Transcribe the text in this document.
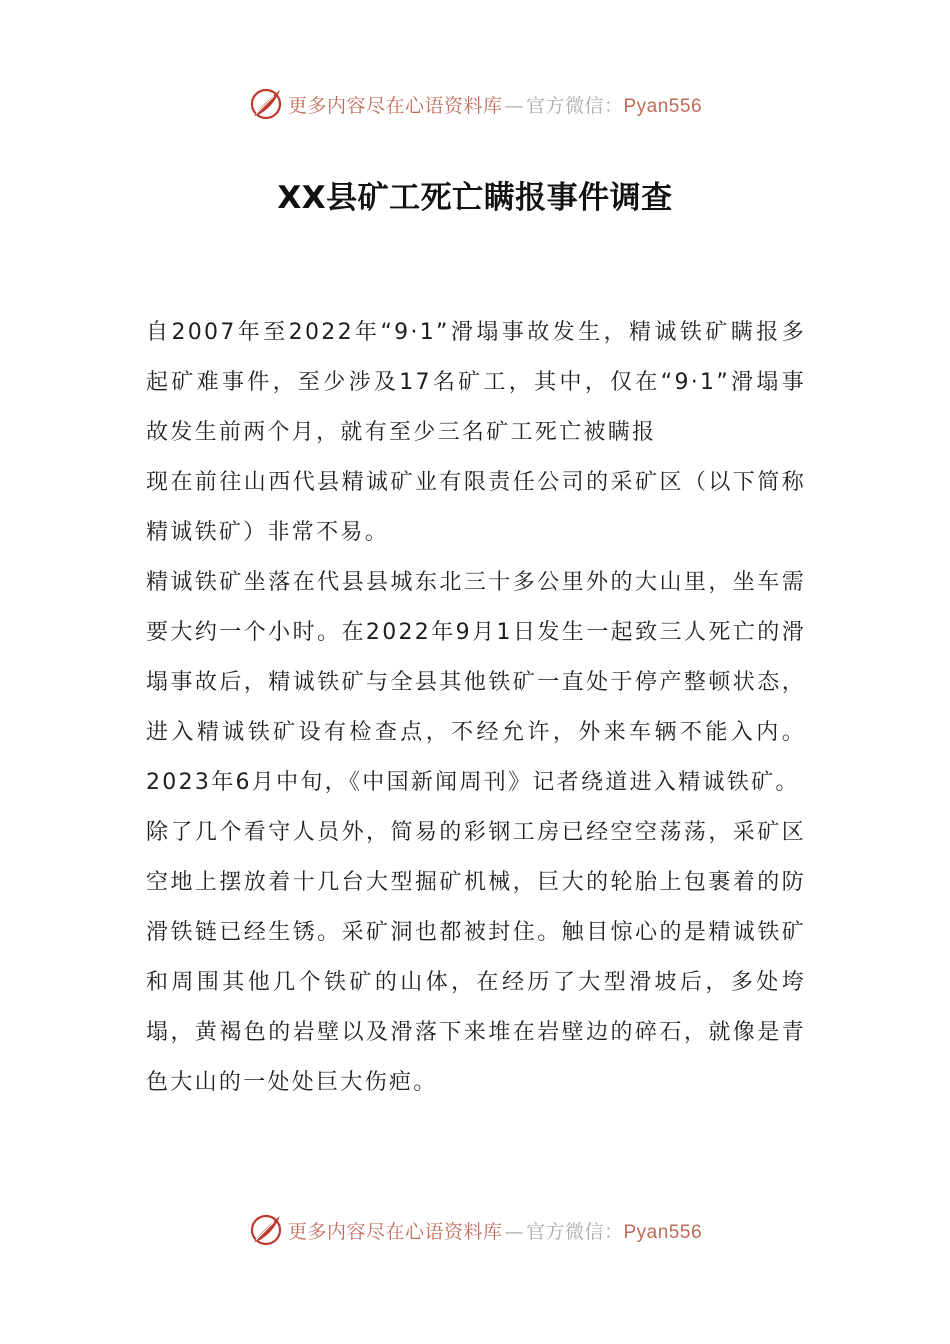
更多内容尽在心语资料库 — 官方微信：Pyan556
XX县矿工死亡瞒报事件调查

自2007年至2022年“9·1”滑塌事故发生，精诚铁矿瞒报多起矿难事件，至少涉及17名矿工，其中，仅在“9·1”滑塌事故发生前两个月，就有至少三名矿工死亡被瞒报

现在前往山西代县精诚矿业有限责任公司的采矿区（以下简称精诚铁矿）非常不易。

精诚铁矿坐落在代县县城东北三十多公里外的大山里，坐车需要大约一个小时。在2022年9月1日发生一起致三人死亡的滑塌事故后，精诚铁矿与全县其他铁矿一直处于停产整顿状态，进入精诚铁矿设有检查点，不经允许，外来车辆不能入内。2023年6月中旬，《中国新闻周刊》记者绕道进入精诚铁矿。

除了几个看守人员外，简易的彩钢工房已经空空荡荡，采矿区空地上摆放着十几台大型掘矿机械，巨大的轮胎上包裹着的防滑铁链已经生锈。采矿洞也都被封住。触目惊心的是精诚铁矿和周围其他几个铁矿的山体，在经历了大型滑坡后，多处垮塌，黄褐色的岩壁以及滑落下来堆在岩壁边的碎石，就像是青色大山的一处处巨大伤疤。

更多内容尽在心语资料库 — 官方微信：Pyan556
